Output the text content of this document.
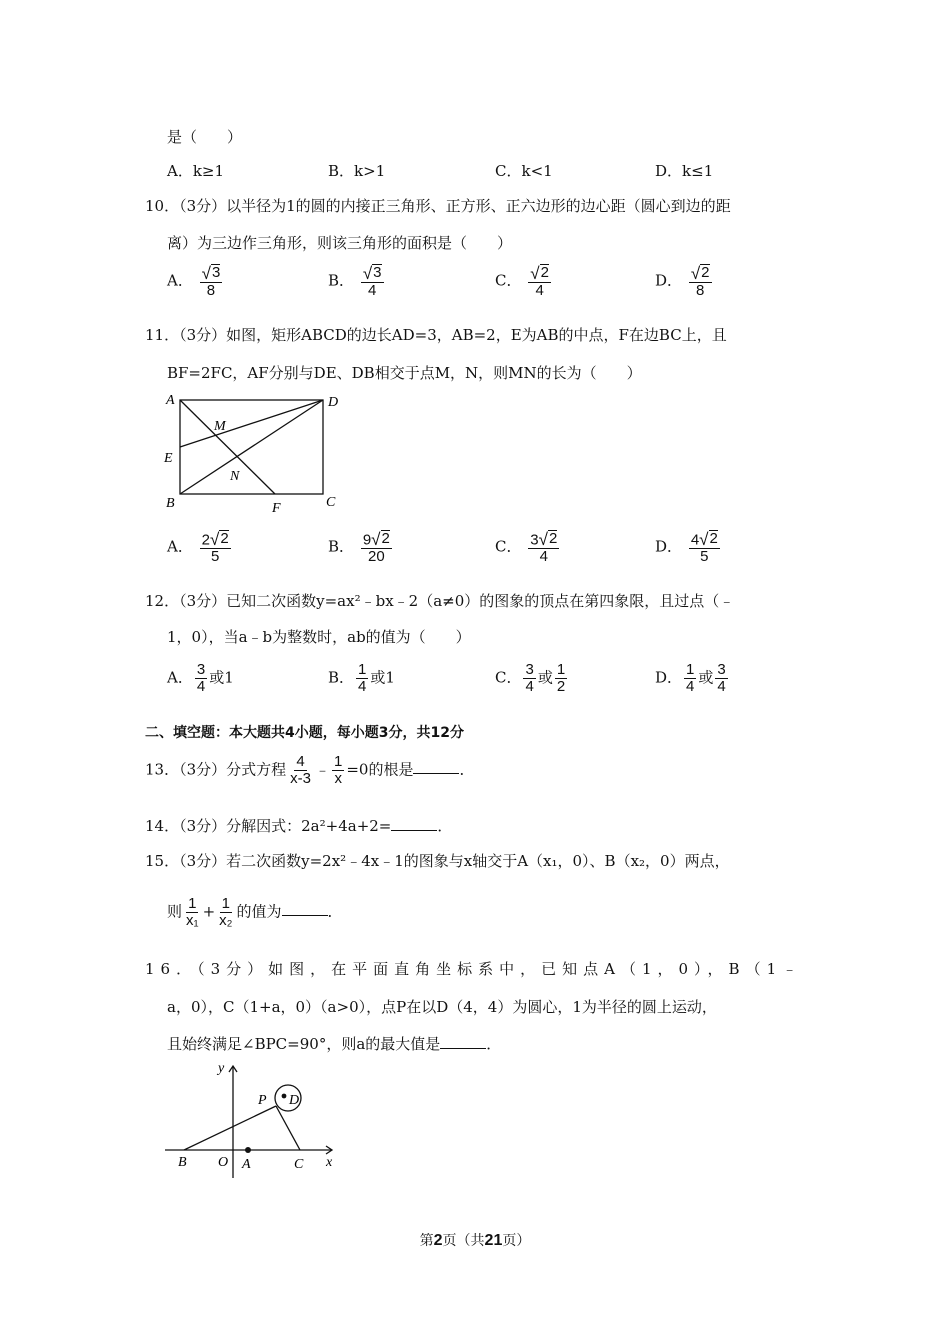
是（　　）
A．k≥1	B．k>1	C．k<1	D．k≤1
10．（3分）以半径为1的圆的内接正三角形、正方形、正六边形的边心距（圆心到边的距
离）为三边作三角形，则该三角形的面积是（　　）
A． $\frac{√ 3}{8}$	B． $\frac{√ 3}{4}$	C． $\frac{√ 2}{4}$	D． $\frac{√ 2}{8}$
11．（3分）如图，矩形ABCD的边长AD=3，AB=2，E为AB的中点，F在边BC上，且
BF=2FC，AF分别与DE、DB相交于点M，N，则MN的长为（　　）
A	D
E
M
N
B	F	C
A． $\frac{2 √ 2}{5}$	B． $\frac{9 √ 2}{20}$	C． $\frac{3 √ 2}{4}$	D． $\frac{4 √ 2}{5}$
12．（3分）已知二次函数y=ax²﹣bx﹣2（a≠0）的图象的顶点在第四象限，且过点（﹣
1，0），当a﹣b为整数时，ab的值为（　　）
A． $\frac{3}{4}$ 或1	B． $\frac{1}{4}$ 或1	C． $\frac{3}{4}$ 或 $\frac{1}{2}$	D． $\frac{1}{4}$ 或 $\frac{3}{4}$
二、填空题：本大题共4小题，每小题3分，共12分
13．（3分）分式方程 $\frac{4}{x-3}$ ﹣ $\frac{1}{x} =0$的根是	．
14．（3分）分解因式：2a²+4a+2=	．
15．（3分）若二次函数y=2x²﹣4x﹣1的图象与x轴交于A（x₁，0）、B（x₂，0）两点，
则 $\frac{1}{\text{x₁}} + \frac{1}{\text{x₂}}$ 的值为	．
16．（3分）如图，在平面直角坐标系中，已知点A（1，0），B（1﹣
a，0），C（1+a，0）（a>0），点P在以D（4，4）为圆心，1为半径的圆上运动，
且始终满足∠BPC=90°，则a的最大值是	．
y
x
P D
B O A	C
第2页（共21页）
